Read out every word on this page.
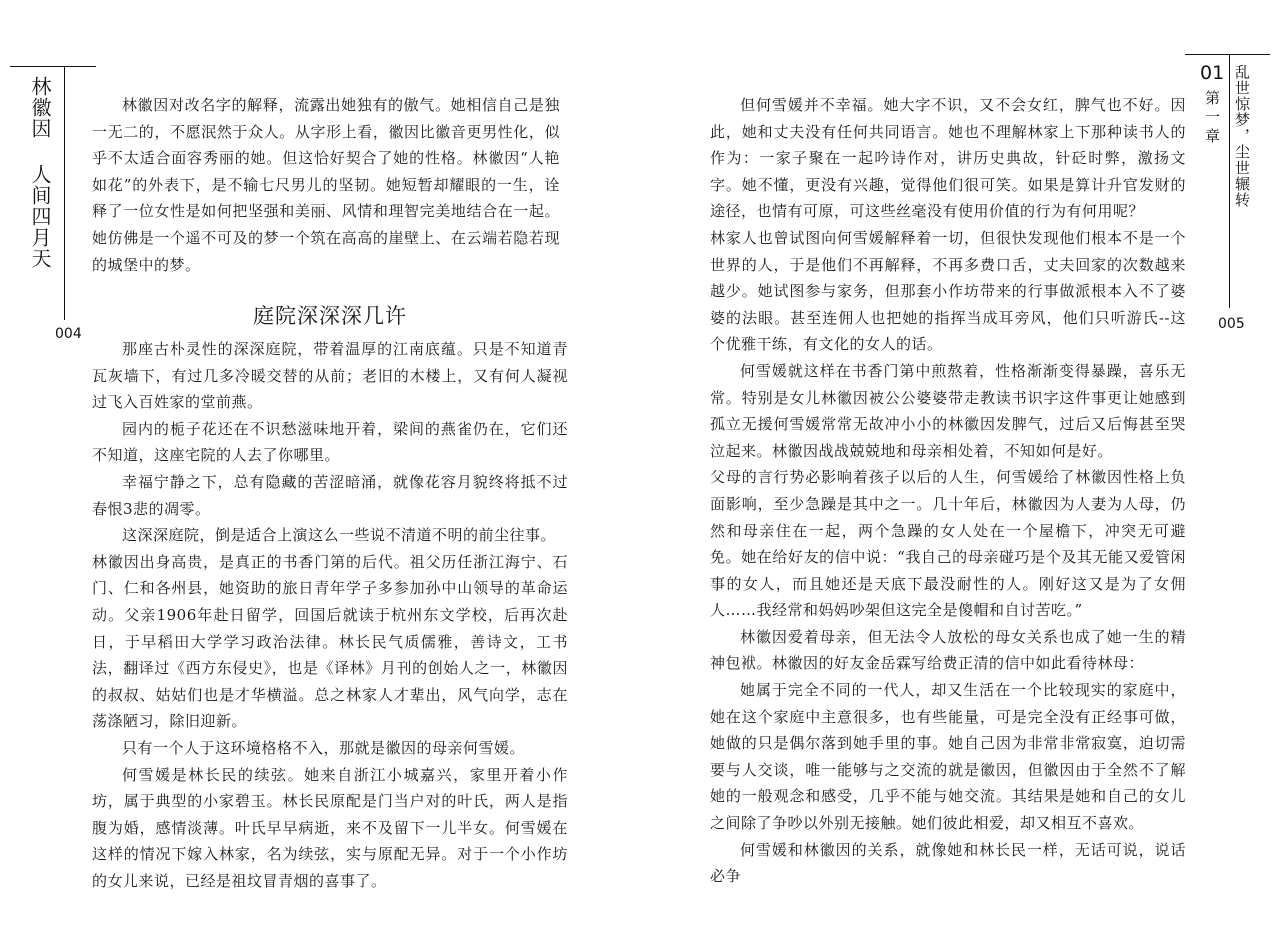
林徽因 人间四月天
004

林徽因对改名字的解释，流露出她独有的傲气。她相信自己是独一无二的，不愿泯然于众人。从字形上看，徽因比徽音更男性化，似乎不太适合面容秀丽的她。但这恰好契合了她的性格。林徽因“人艳如花”的外表下，是不输七尺男儿的坚韧。她短暂却耀眼的一生，诠释了一位女性是如何把坚强和美丽、风情和理智完美地结合在一起。她仿佛是一个遥不可及的梦一个筑在高高的崖壁上、在云端若隐若现的城堡中的梦。

庭院深深深几许

那座古朴灵性的深深庭院，带着温厚的江南底蕴。只是不知道青瓦灰墙下，有过几多冷暖交替的从前；老旧的木楼上，又有何人凝视过飞入百姓家的堂前燕。

园内的栀子花还在不识愁滋味地开着，梁间的燕雀仍在，它们还不知道，这座宅院的人去了你哪里。

幸福宁静之下，总有隐藏的苦涩暗涌，就像花容月貌终将抵不过春恨3悲的凋零。

这深深庭院，倒是适合上演这么一些说不清道不明的前尘往事。

林徽因出身高贵，是真正的书香门第的后代。祖父历任浙江海宁、石门、仁和各州县，她资助的旅日青年学子多参加孙中山领导的革命运动。父亲1906年赴日留学，回国后就读于杭州东文学校，后再次赴日，于早稻田大学学习政治法律。林长民气质儒雅，善诗文，工书法，翻译过《西方东侵史》，也是《译林》月刊的创始人之一，林徽因的叔叔、姑姑们也是才华横溢。总之林家人才辈出，风气向学，志在荡涤陋习，除旧迎新。

只有一个人于这环境格格不入，那就是徽因的母亲何雪媛。

何雪媛是林长民的续弦。她来自浙江小城嘉兴，家里开着小作坊，属于典型的小家碧玉。林长民原配是门当户对的叶氏，两人是指腹为婚，感情淡薄。叶氏早早病逝，来不及留下一儿半女。何雪媛在这样的情况下嫁入林家，名为续弦，实与原配无异。对于一个小作坊的女儿来说，已经是祖坟冒青烟的喜事了。

01
第一章 乱世惊梦，尘世辗转
005

但何雪媛并不幸福。她大字不识，又不会女红，脾气也不好。因此，她和丈夫没有任何共同语言。她也不理解林家上下那种读书人的作为：一家子聚在一起吟诗作对，讲历史典故，针砭时弊，激扬文字。她不懂，更没有兴趣，觉得他们很可笑。如果是算计升官发财的途径，也情有可原，可这些丝毫没有使用价值的行为有何用呢？

林家人也曾试图向何雪媛解释着一切，但很快发现他们根本不是一个世界的人，于是他们不再解释，不再多费口舌，丈夫回家的次数越来越少。她试图参与家务，但那套小作坊带来的行事做派根本入不了婆婆的法眼。甚至连佣人也把她的指挥当成耳旁风，他们只听游氏--这个优雅干练，有文化的女人的话。

何雪媛就这样在书香门第中煎熬着，性格渐渐变得暴躁，喜乐无常。特别是女儿林徽因被公公婆婆带走教读书识字这件事更让她感到孤立无援何雪媛常常无故冲小小的林徽因发脾气，过后又后悔甚至哭泣起来。林徽因战战兢兢地和母亲相处着，不知如何是好。

父母的言行势必影响着孩子以后的人生，何雪媛给了林徽因性格上负面影响，至少急躁是其中之一。几十年后，林徽因为人妻为人母，仍然和母亲住在一起，两个急躁的女人处在一个屋檐下，冲突无可避免。她在给好友的信中说：“我自己的母亲碰巧是个及其无能又爱管闲事的女人，而且她还是天底下最没耐性的人。刚好这又是为了女佣人……我经常和妈妈吵架但这完全是傻帽和自讨苦吃。”

林徽因爱着母亲，但无法令人放松的母女关系也成了她一生的精神包袱。林徽因的好友金岳霖写给费正清的信中如此看待林母：

她属于完全不同的一代人，却又生活在一个比较现实的家庭中，她在这个家庭中主意很多，也有些能量，可是完全没有正经事可做，她做的只是偶尔落到她手里的事。她自己因为非常非常寂寞，迫切需要与人交谈，唯一能够与之交流的就是徽因，但徽因由于全然不了解她的一般观念和感受，几乎不能与她交流。其结果是她和自己的女儿之间除了争吵以外别无接触。她们彼此相爱，却又相互不喜欢。

何雪媛和林徽因的关系，就像她和林长民一样，无话可说，说话必争
